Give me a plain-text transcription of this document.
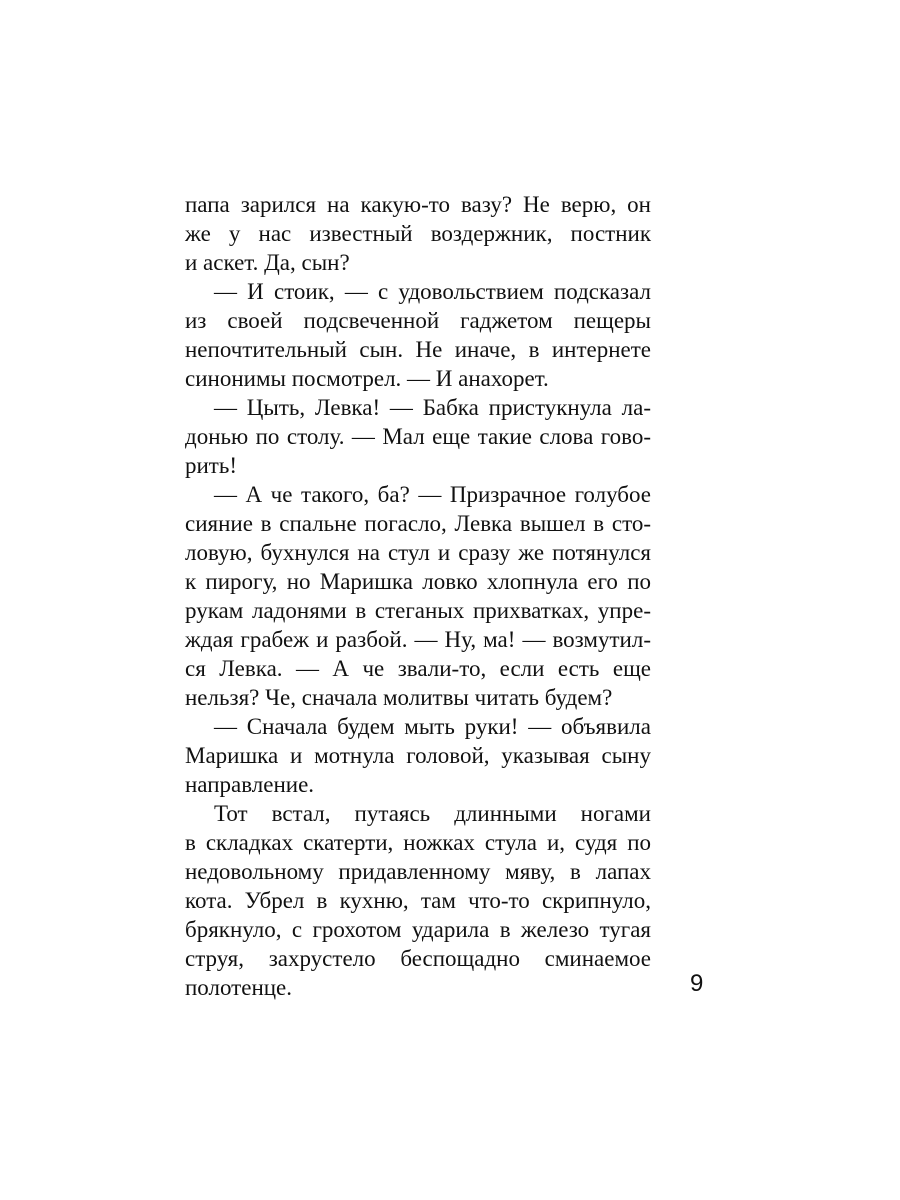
папа зарился на какую-то вазу? Не верю, он
же у нас известный воздержник, постник
и аскет. Да, сын?
— И стоик, — с удовольствием подсказал
из своей подсвеченной гаджетом пещеры
непочтительный сын. Не иначе, в интернете
синонимы посмотрел. — И анахорет.
— Цыть, Левка! — Бабка пристукнула ла-
донью по столу. — Мал еще такие слова гово-
рить!
— А че такого, ба? — Призрачное голубое
сияние в спальне погасло, Левка вышел в сто-
ловую, бухнулся на стул и сразу же потянулся
к пирогу, но Маришка ловко хлопнула его по
рукам ладонями в стеганых прихватках, упре-
ждая грабеж и разбой. — Ну, ма! — возмутил-
ся Левка. — А че звали-то, если есть еще
нельзя? Че, сначала молитвы читать будем?
— Сначала будем мыть руки! — объявила
Маришка и мотнула головой, указывая сыну
направление.
Тот встал, путаясь длинными ногами
в складках скатерти, ножках стула и, судя по
недовольному придавленному мяву, в лапах
кота. Убрел в кухню, там что-то скрипнуло,
брякнуло, с грохотом ударила в железо тугая
струя, захрустело беспощадно сминаемое
полотенце.	9
